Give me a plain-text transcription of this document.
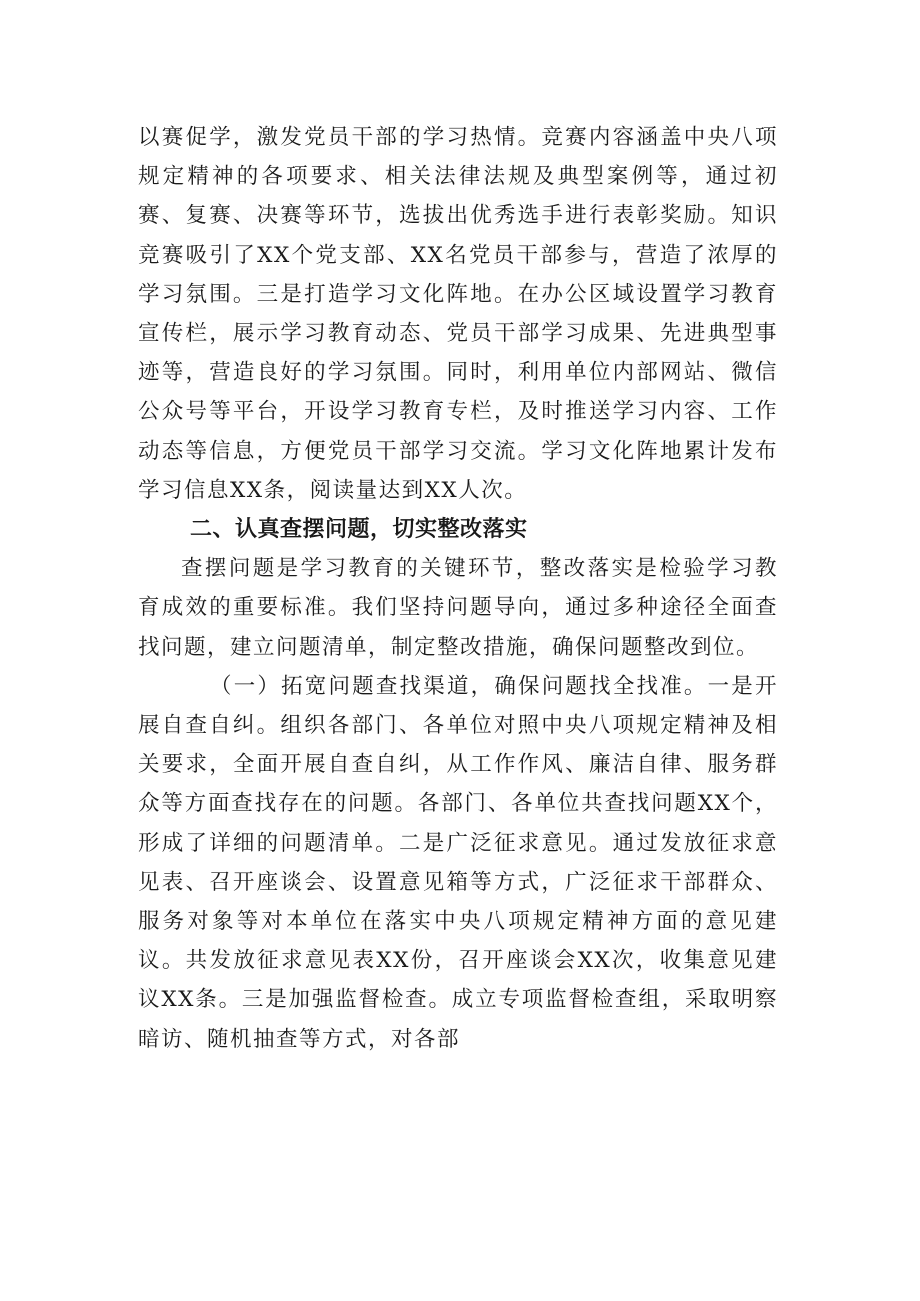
以赛促学，激发党员干部的学习热情。竞赛内容涵盖中央八项规定精神的各项要求、相关法律法规及典型案例等，通过初赛、复赛、决赛等环节，选拔出优秀选手进行表彰奖励。知识竞赛吸引了XX个党支部、XX名党员干部参与，营造了浓厚的学习氛围。三是打造学习文化阵地。在办公区域设置学习教育宣传栏，展示学习教育动态、党员干部学习成果、先进典型事迹等，营造良好的学习氛围。同时，利用单位内部网站、微信公众号等平台，开设学习教育专栏，及时推送学习内容、工作动态等信息，方便党员干部学习交流。学习文化阵地累计发布学习信息XX条，阅读量达到XX人次。

二、认真查摆问题，切实整改落实

查摆问题是学习教育的关键环节，整改落实是检验学习教育成效的重要标准。我们坚持问题导向，通过多种途径全面查找问题，建立问题清单，制定整改措施，确保问题整改到位。

（一）拓宽问题查找渠道，确保问题找全找准。一是开展自查自纠。组织各部门、各单位对照中央八项规定精神及相关要求，全面开展自查自纠，从工作作风、廉洁自律、服务群众等方面查找存在的问题。各部门、各单位共查找问题XX个，形成了详细的问题清单。二是广泛征求意见。通过发放征求意见表、召开座谈会、设置意见箱等方式，广泛征求干部群众、服务对象等对本单位在落实中央八项规定精神方面的意见建议。共发放征求意见表XX份，召开座谈会XX次，收集意见建议XX条。三是加强监督检查。成立专项监督检查组，采取明察暗访、随机抽查等方式，对各部
